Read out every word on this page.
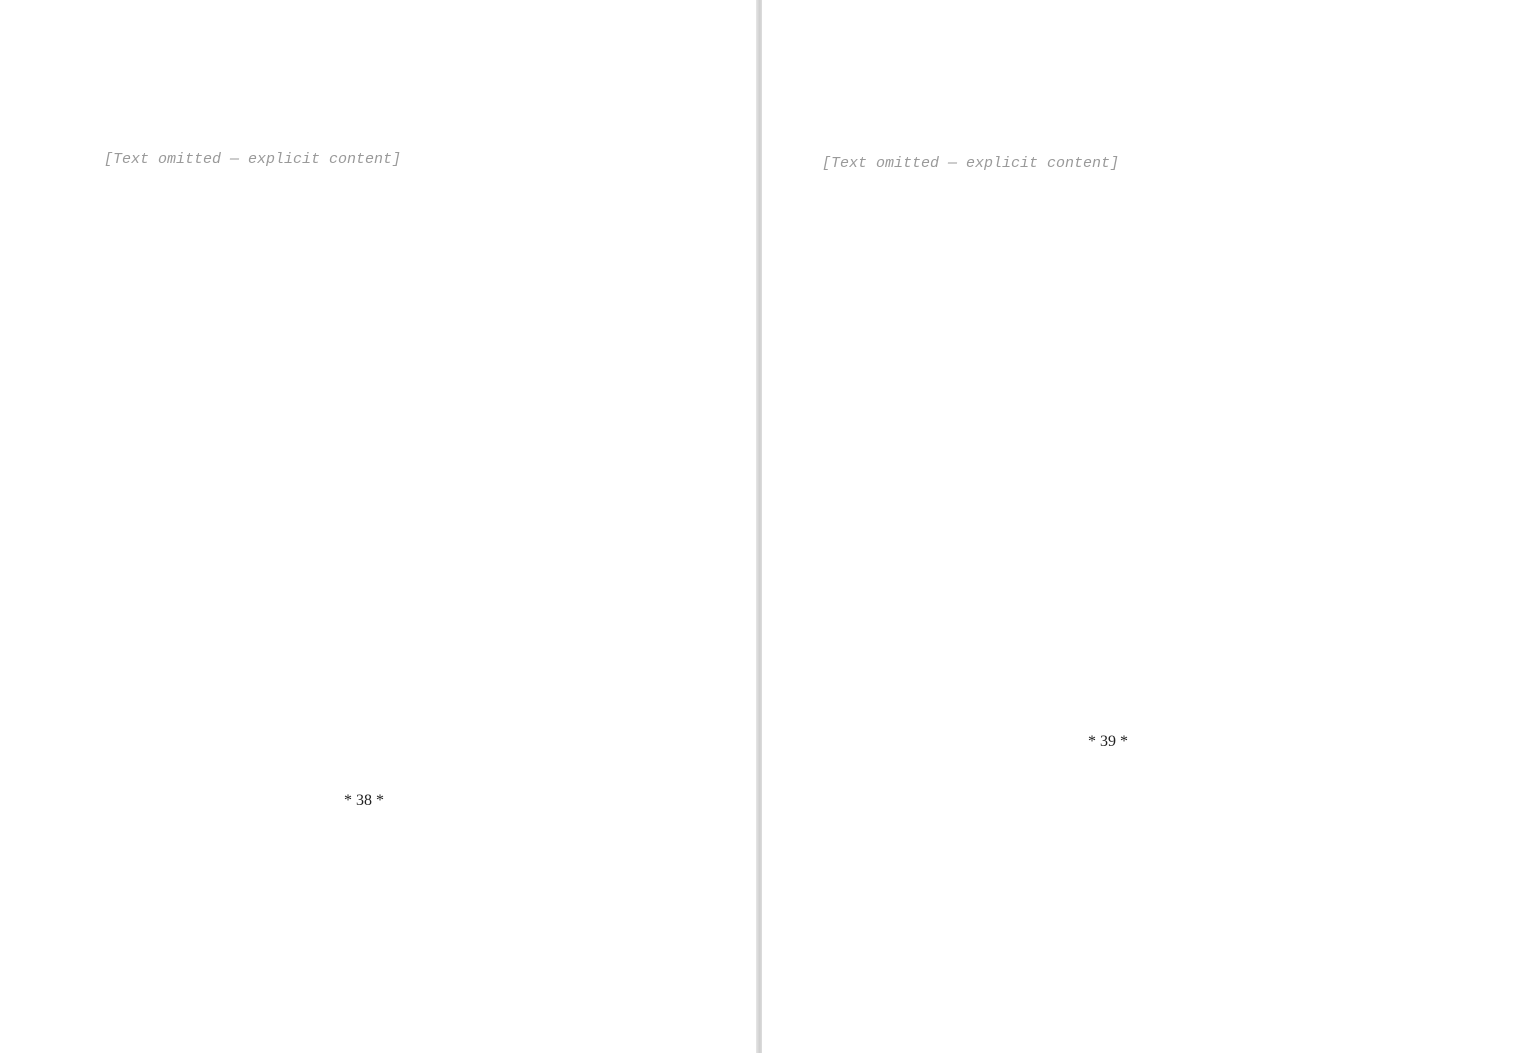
[Text omitted — explicit content]
* 38 *
[Text omitted — explicit content]
* 39 *
